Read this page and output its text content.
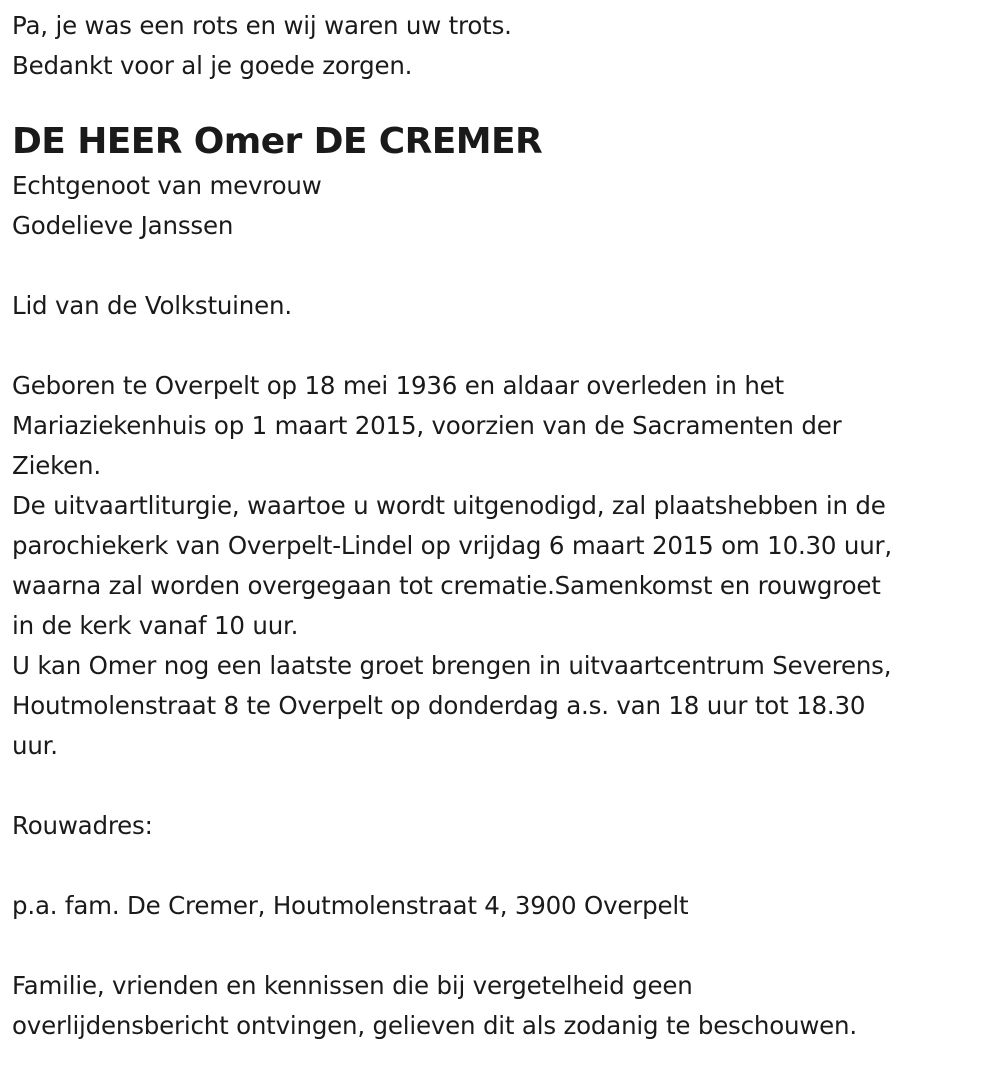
Pa, je was een rots en wij waren uw trots.
Bedankt voor al je goede zorgen.
DE HEER Omer DE CREMER
Echtgenoot van mevrouw
Godelieve Janssen
Lid van de Volkstuinen.
Geboren te Overpelt op 18 mei 1936 en aldaar overleden in het
Mariaziekenhuis op 1 maart 2015, voorzien van de Sacramenten der
Zieken.
De uitvaartliturgie, waartoe u wordt uitgenodigd, zal plaatshebben in de
parochiekerk van Overpelt-Lindel op vrijdag 6 maart 2015 om 10.30 uur,
waarna zal worden overgegaan tot crematie.Samenkomst en rouwgroet
in de kerk vanaf 10 uur.
U kan Omer nog een laatste groet brengen in uitvaartcentrum Severens,
Houtmolenstraat 8 te Overpelt op donderdag a.s. van 18 uur tot 18.30
uur.
Rouwadres:
p.a. fam. De Cremer, Houtmolenstraat 4, 3900 Overpelt
Familie, vrienden en kennissen die bij vergetelheid geen
overlijdensbericht ontvingen, gelieven dit als zodanig te beschouwen.
